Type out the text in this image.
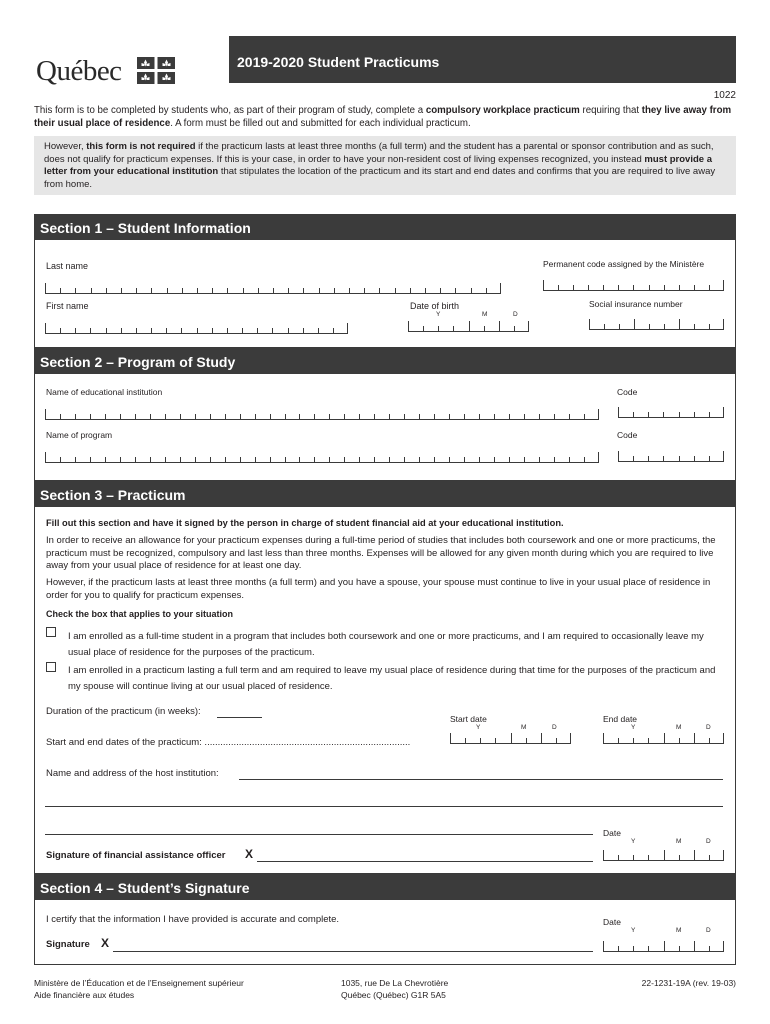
Québec	2019-2020 Student Practicums
1022
This form is to be completed by students who, as part of their program of study, complete a compulsory workplace practicum requiring that they live away from their usual place of residence. A form must be filled out and submitted for each individual practicum.
However, this form is not required if the practicum lasts at least three months (a full term) and the student has a parental or sponsor contribution and as such, does not qualify for practicum expenses. If this is your case, in order to have your non-resident cost of living expenses recognized, you instead must provide a letter from your educational institution that stipulates the location of the practicum and its start and end dates and confirms that you are required to live away from home.
Section 1 – Student Information
Last name	Permanent code assigned by the Ministère
First name	Date of birth
Y	M	D
Social insurance number
Section 2 – Program of Study
Name of educational institution	Code
Name of program	Code
Section 3 – Practicum
Fill out this section and have it signed by the person in charge of student financial aid at your educational institution.
In order to receive an allowance for your practicum expenses during a full-time period of studies that includes both coursework and one or more practicums, the practicum must be recognized, compulsory and last less than three months. Expenses will be allowed for any given month during which you are required to live away from your usual place of residence for at least one day.
However, if the practicum lasts at least three months (a full term) and you have a spouse, your spouse must continue to live in your usual place of residence in order for you to qualify for practicum expenses.
Check the box that applies to your situation
I am enrolled as a full-time student in a program that includes both coursework and one or more practicums, and I am required to occasionally leave my usual place of residence for the purposes of the practicum.
I am enrolled in a practicum lasting a full term and am required to leave my usual place of residence during that time for the purposes of the practicum and my spouse will continue living at our usual placed of residence.
Duration of the practicum (in weeks):
Start date
Y	M	D
End date
Y	M	D
Start and end dates of the practicum: ..............................................................................
Name and address of the host institution:
Date
Y	M	D
Signature of financial assistance officer X
Section 4 – Student’s Signature
I certify that the information I have provided is accurate and complete.	Date
Y	M	D
Signature X
Ministère de l’Éducation et de l’Enseignement supérieur
Aide financière aux études
1035, rue De La Chevrotière
Québec (Québec) G1R 5A5
22-1231-19A (rev. 19-03)
